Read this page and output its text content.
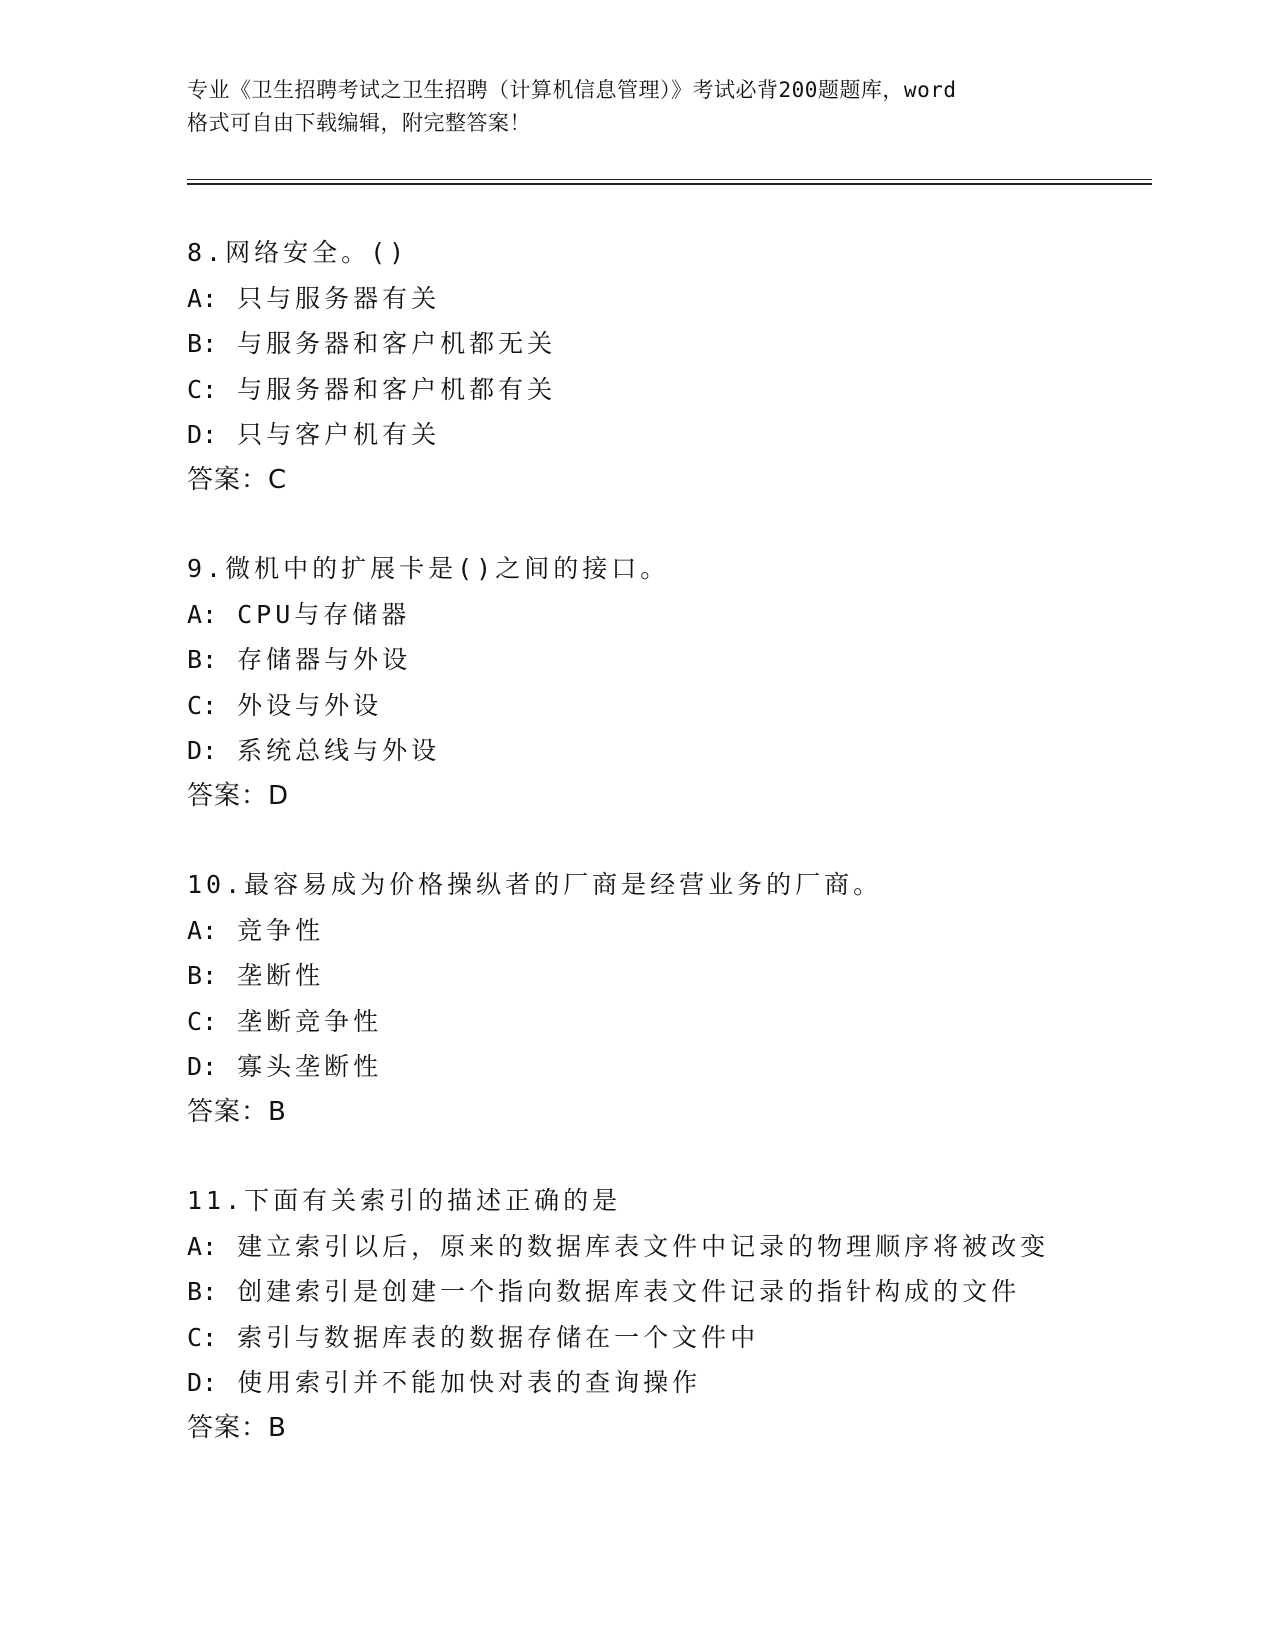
专业《卫生招聘考试之卫生招聘（计算机信息管理）》考试必背200题题库，word
格式可自由下载编辑，附完整答案！
8.网络安全。()
A: 只与服务器有关
B: 与服务器和客户机都无关
C: 与服务器和客户机都有关
D: 只与客户机有关
答案：C
9.微机中的扩展卡是()之间的接口。
A: CPU与存储器
B: 存储器与外设
C: 外设与外设
D: 系统总线与外设
答案：D
10.最容易成为价格操纵者的厂商是经营业务的厂商。
A: 竞争性
B: 垄断性
C: 垄断竞争性
D: 寡头垄断性
答案：B
11.下面有关索引的描述正确的是
A: 建立索引以后，原来的数据库表文件中记录的物理顺序将被改变
B: 创建索引是创建一个指向数据库表文件记录的指针构成的文件
C: 索引与数据库表的数据存储在一个文件中
D: 使用索引并不能加快对表的查询操作
答案：B
